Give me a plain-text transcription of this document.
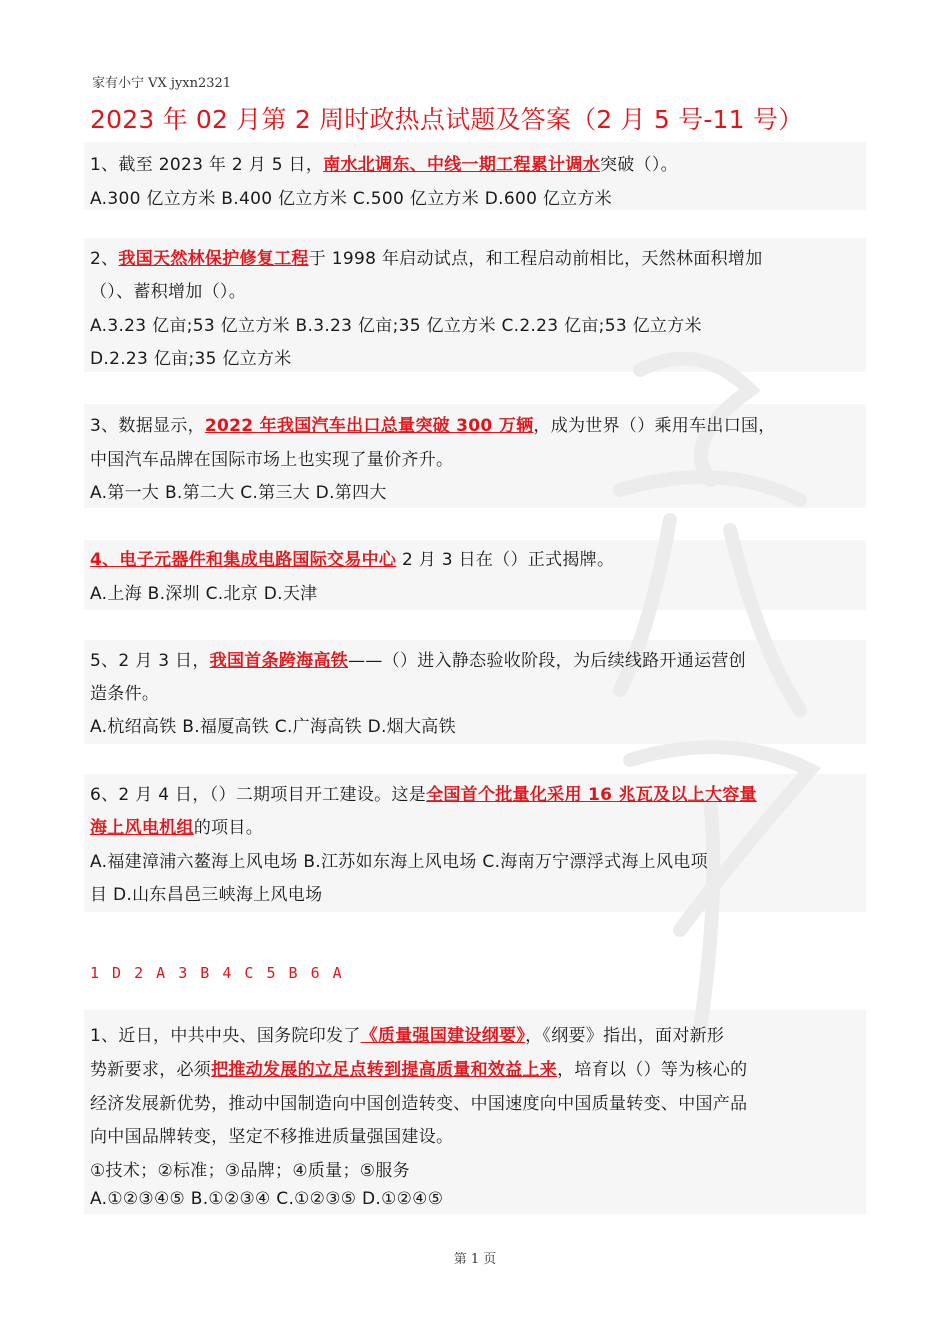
家有小宁 VX jyxn2321
2023 年 02 月第 2 周时政热点试题及答案（2 月 5 号-11 号）
1、截至 2023 年 2 月 5 日，南水北调东、中线一期工程累计调水突破（）。
A.300 亿立方米 B.400 亿立方米 C.500 亿立方米 D.600 亿立方米
2、我国天然林保护修复工程于 1998 年启动试点，和工程启动前相比，天然林面积增加
（）、蓄积增加（）。
A.3.23 亿亩;53 亿立方米 B.3.23 亿亩;35 亿立方米 C.2.23 亿亩;53 亿立方米
D.2.23 亿亩;35 亿立方米
3、数据显示，2022 年我国汽车出口总量突破 300 万辆，成为世界（）乘用车出口国，
中国汽车品牌在国际市场上也实现了量价齐升。
A.第一大 B.第二大 C.第三大 D.第四大
4、电子元器件和集成电路国际交易中心 2 月 3 日在（）正式揭牌。
A.上海 B.深圳 C.北京 D.天津
5、2 月 3 日，我国首条跨海高铁——（）进入静态验收阶段，为后续线路开通运营创
造条件。
A.杭绍高铁 B.福厦高铁 C.广海高铁 D.烟大高铁
6、2 月 4 日，（）二期项目开工建设。这是全国首个批量化采用 16 兆瓦及以上大容量
海上风电机组的项目。
A.福建漳浦六鳌海上风电场 B.江苏如东海上风电场 C.海南万宁漂浮式海上风电项
目 D.山东昌邑三峡海上风电场
1 D 2 A 3 B 4 C 5 B 6 A
1、近日，中共中央、国务院印发了《质量强国建设纲要》，《纲要》指出，面对新形
势新要求，必须把推动发展的立足点转到提高质量和效益上来，培育以（）等为核心的
经济发展新优势，推动中国制造向中国创造转变、中国速度向中国质量转变、中国产品
向中国品牌转变，坚定不移推进质量强国建设。
①技术；②标准；③品牌；④质量；⑤服务
A.①②③④⑤ B.①②③④ C.①②③⑤ D.①②④⑤
第 1 页
